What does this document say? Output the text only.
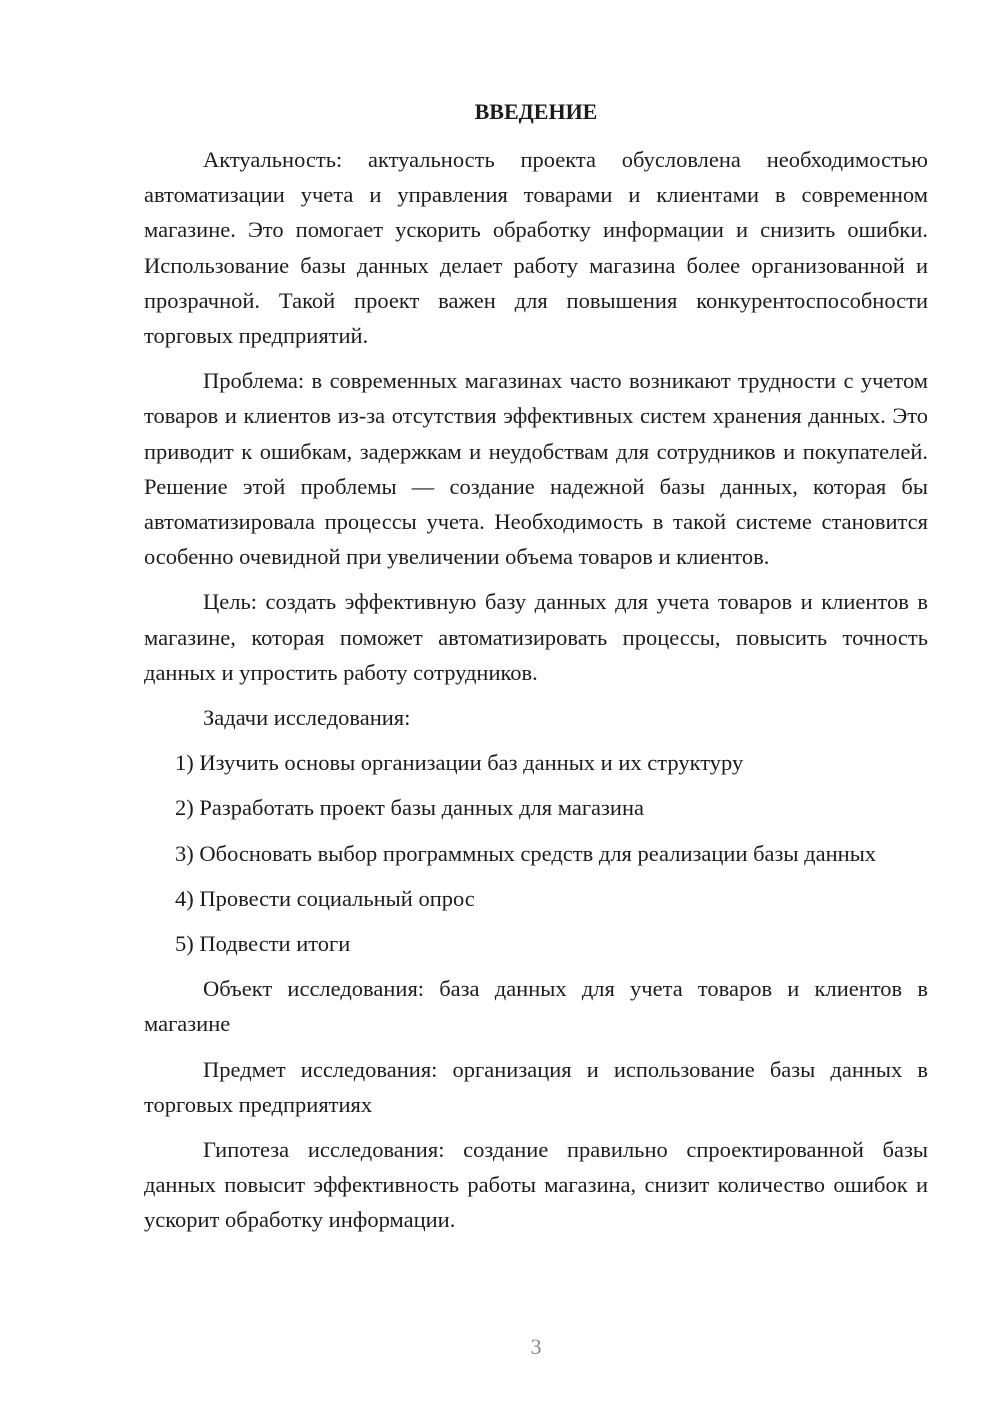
ВВЕДЕНИЕ

Актуальность: актуальность проекта обусловлена необходимостью автоматизации учета и управления товарами и клиентами в современном магазине. Это помогает ускорить обработку информации и снизить ошибки. Использование базы данных делает работу магазина более организованной и прозрачной. Такой проект важен для повышения конкурентоспособности торговых предприятий.

Проблема: в современных магазинах часто возникают трудности с учетом товаров и клиентов из-за отсутствия эффективных систем хранения данных. Это приводит к ошибкам, задержкам и неудобствам для сотрудников и покупателей. Решение этой проблемы — создание надежной базы данных, которая бы автоматизировала процессы учета. Необходимость в такой системе становится особенно очевидной при увеличении объема товаров и клиентов.

Цель: создать эффективную базу данных для учета товаров и клиентов в магазине, которая поможет автоматизировать процессы, повысить точность данных и упростить работу сотрудников.

Задачи исследования:

1) Изучить основы организации баз данных и их структуру

2) Разработать проект базы данных для магазина

3) Обосновать выбор программных средств для реализации базы данных

4) Провести социальный опрос

5) Подвести итоги

Объект исследования: база данных для учета товаров и клиентов в магазине

Предмет исследования: организация и использование базы данных в торговых предприятиях

Гипотеза исследования: создание правильно спроектированной базы данных повысит эффективность работы магазина, снизит количество ошибок и ускорит обработку информации.

3
